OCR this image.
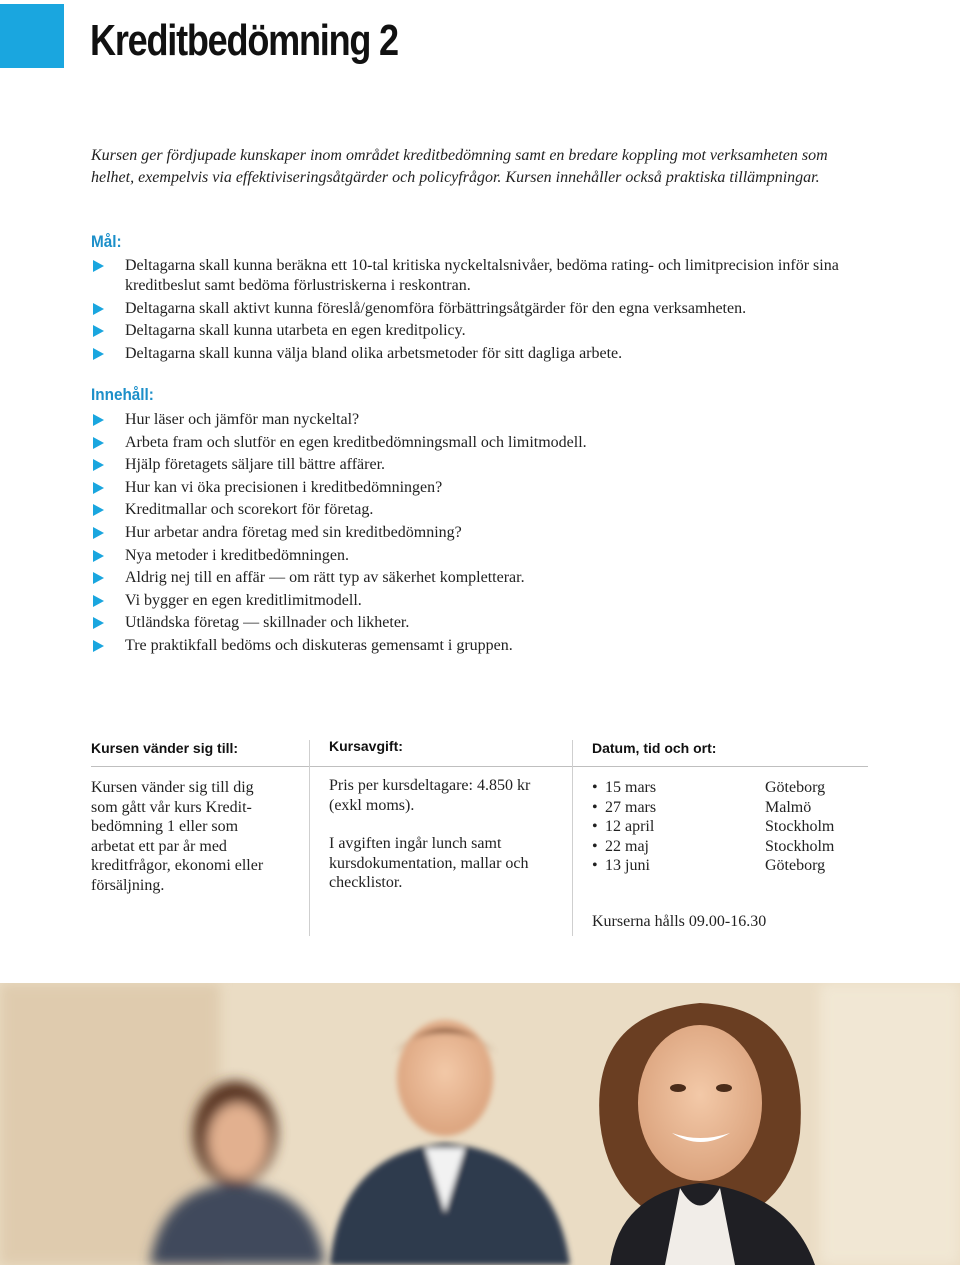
Kreditbedömning 2

Kursen ger fördjupade kunskaper inom området kreditbedömning samt en bredare koppling mot verksamheten som helhet, exempelvis via effektiviseringsåtgärder och policyfrågor. Kursen innehåller också praktiska tillämpningar.

Mål:
Deltagarna skall kunna beräkna ett 10-tal kritiska nyckeltalsnivåer, bedöma rating- och limitprecision inför sina kreditbeslut samt bedöma förlustriskerna i reskontran.
Deltagarna skall aktivt kunna föreslå/genomföra förbättringsåtgärder för den egna verksamheten.
Deltagarna skall kunna utarbeta en egen kreditpolicy.
Deltagarna skall kunna välja bland olika arbetsmetoder för sitt dagliga arbete.
Innehåll:
Hur läser och jämför man nyckeltal?
Arbeta fram och slutför en egen kreditbedömningsmall och limitmodell.
Hjälp företagets säljare till bättre affärer.
Hur kan vi öka precisionen i kreditbedömningen?
Kreditmallar och scorekort för företag.
Hur arbetar andra företag med sin kreditbedömning?
Nya metoder i kreditbedömningen.
Aldrig nej till en affär — om rätt typ av säkerhet kompletterar.
Vi bygger en egen kreditlimitmodell.
Utländska företag — skillnader och likheter.
Tre praktikfall bedöms och diskuteras gemensamt i gruppen.
Kursen vänder sig till:	Kursavgift:	Datum, tid och ort:

Kursen vänder sig till dig som gått vår kurs Kredit-bedömning 1 eller som arbetat ett par år med kreditfrågor, ekonomi eller försäljning.

Pris per kursdeltagare: 4.850 kr (exkl moms).

I avgiften ingår lunch samt kursdokumentation, mallar och checklistor.

• 15 mars	Göteborg
• 27 mars	Malmö
• 12 april	Stockholm
• 22 maj	Stockholm
• 13 juni	Göteborg

Kurserna hålls 09.00-16.30
